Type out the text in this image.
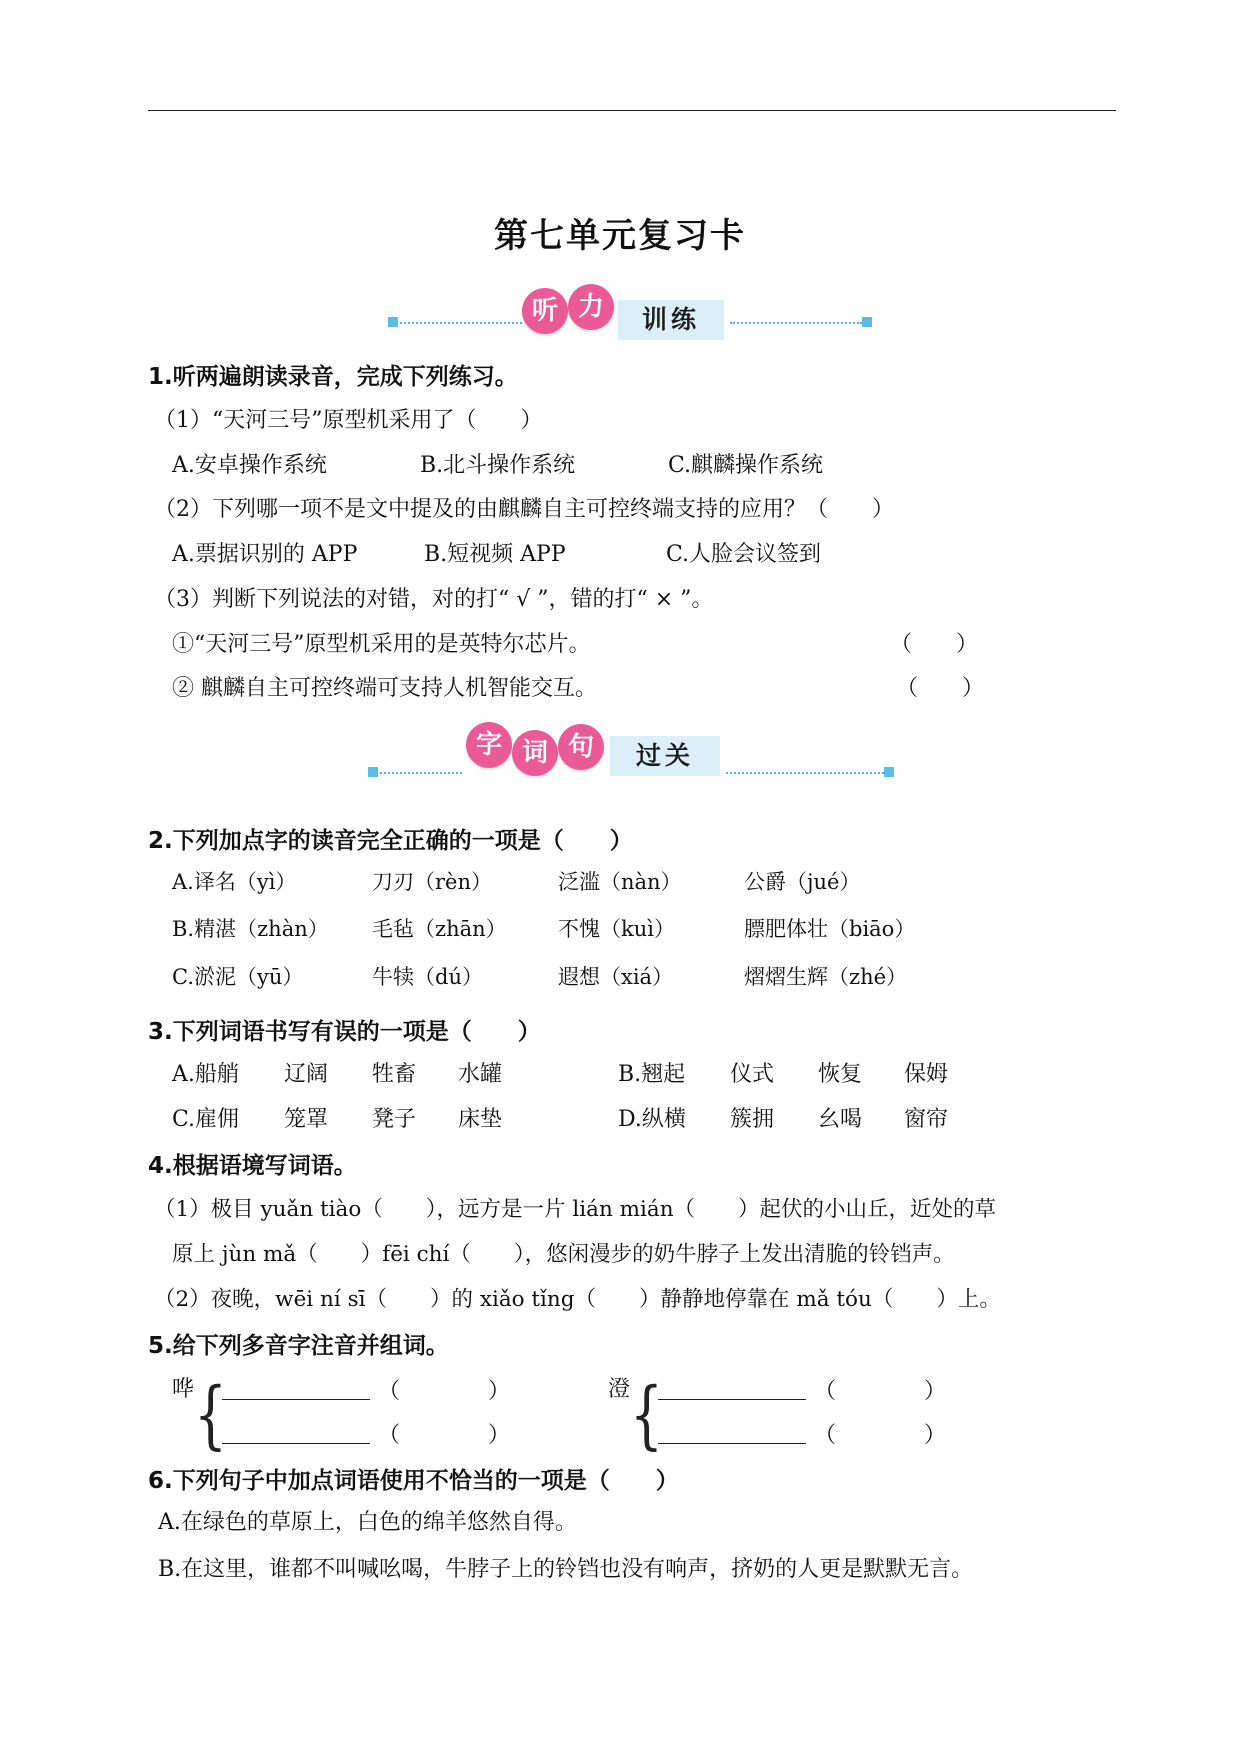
第七单元复习卡
听 力	训练
1.听两遍朗读录音，完成下列练习。
（1）“天河三号”原型机采用了（　　）
A.安卓操作系统	B.北斗操作系统	C.麒麟操作系统
（2）下列哪一项不是文中提及的由麒麟自主可控终端支持的应用？（　　）
A.票据识别的 APP	B.短视频 APP	C.人脸会议签到
（3）判断下列说法的对错，对的打“ √ ”，错的打“ × ”。
①“天河三号”原型机采用的是英特尔芯片。	（　　）
② 麒麟自主可控终端可支持人机智能交互。	（　　）
字 词 句	过关
2.下列加点字的读音完全正确的一项是（　　）
A.译名（yì）	刀刃（rèn）	泛滥（nàn）	公爵（jué）
B.精湛（zhàn） 毛毡（zhān） 不愧（kuì）	膘肥体壮（biāo）
C.淤泥（yū）	牛犊（dú）	遐想（xiá）	熠熠生辉（zhé）
3.下列词语书写有误的一项是（　　）
A.船艄 辽阔 牲畜 水罐	B.翘起 仪式 恢复 保姆
C.雇佣 笼罩 凳子 床垫	D.纵横 簇拥 幺喝 窗帘
4.根据语境写词语。
（1）极目 yuǎn tiào（　　），远方是一片 lián mián（　　）起伏的小山丘，近处的草
原上 jùn mǎ（　　）fēi chí（　　），悠闲漫步的奶牛脖子上发出清脆的铃铛声。
（2）夜晚，wēi ní sī（　　）的 xiǎo tǐng（　　）静静地停靠在 mǎ tóu（　　）上。
5.给下列多音字注音并组词。
哗 {	（　　　　）
（　　　　）
澄 {	（　　　　）
（　　　　）
6.下列句子中加点词语使用不恰当的一项是（　　）
A.在绿色的草原上，白色的绵羊悠然自得。
B.在这里，谁都不叫喊吆喝，牛脖子上的铃铛也没有响声，挤奶的人更是默默无言。
